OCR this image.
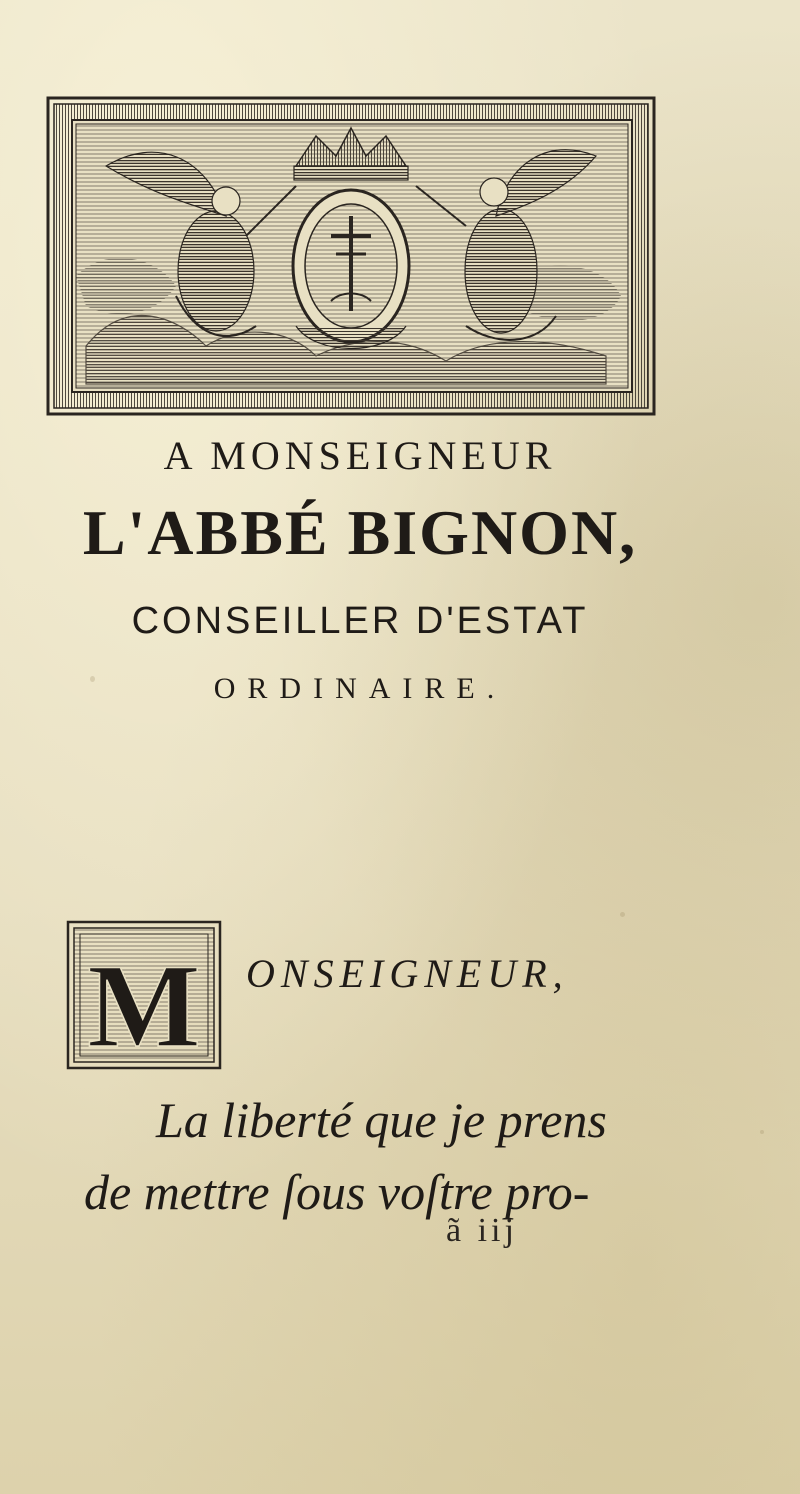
A MONSEIGNEUR
L'ABBÉ BIGNON,
CONSEILLER D'ESTAT
ORDINAIRE.
M ONSEIGNEUR,
La liberté que je prens
de mettre ſous voſtre pro-
ã iij
